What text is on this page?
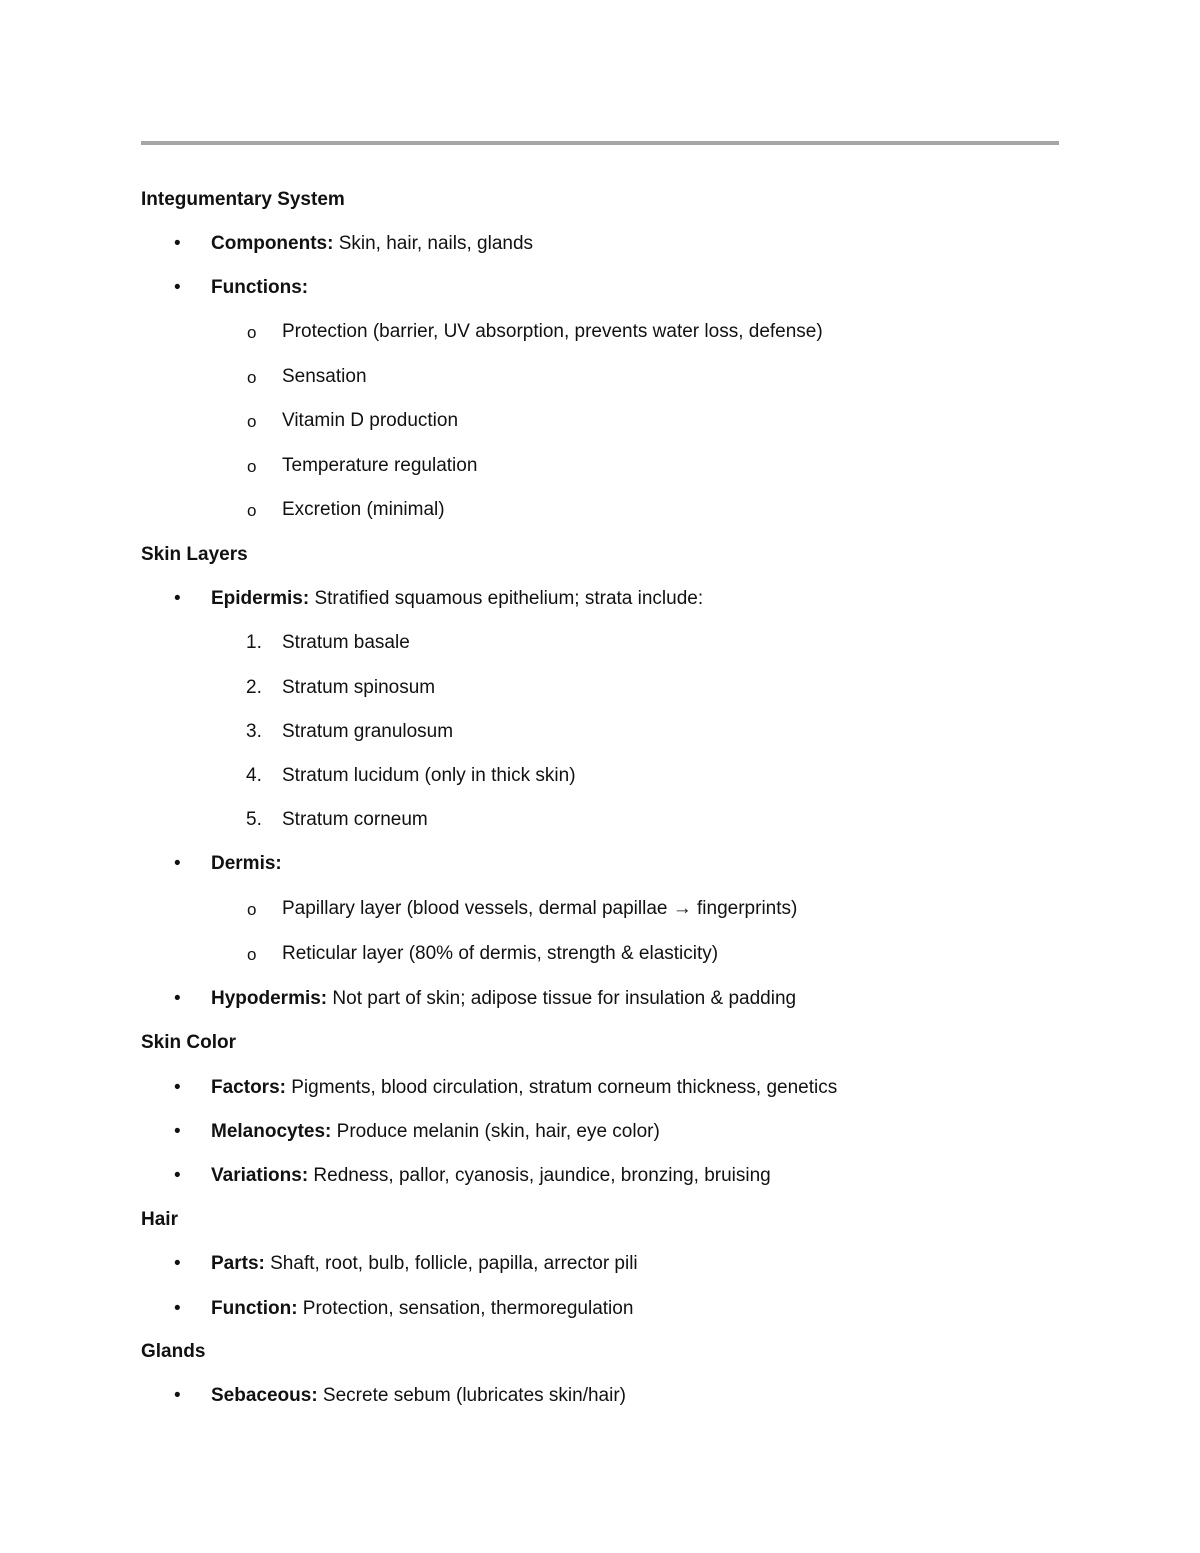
Integumentary System
• Components: Skin, hair, nails, glands
• Functions:
o Protection (barrier, UV absorption, prevents water loss, defense)
o Sensation
o Vitamin D production
o Temperature regulation
o Excretion (minimal)
Skin Layers
• Epidermis: Stratified squamous epithelium; strata include:
1. Stratum basale
2. Stratum spinosum
3. Stratum granulosum
4. Stratum lucidum (only in thick skin)
5. Stratum corneum
• Dermis:
o Papillary layer (blood vessels, dermal papillae → fingerprints)
o Reticular layer (80% of dermis, strength & elasticity)
• Hypodermis: Not part of skin; adipose tissue for insulation & padding
Skin Color
• Factors: Pigments, blood circulation, stratum corneum thickness, genetics
• Melanocytes: Produce melanin (skin, hair, eye color)
• Variations: Redness, pallor, cyanosis, jaundice, bronzing, bruising
Hair
• Parts: Shaft, root, bulb, follicle, papilla, arrector pili
• Function: Protection, sensation, thermoregulation
Glands
• Sebaceous: Secrete sebum (lubricates skin/hair)
